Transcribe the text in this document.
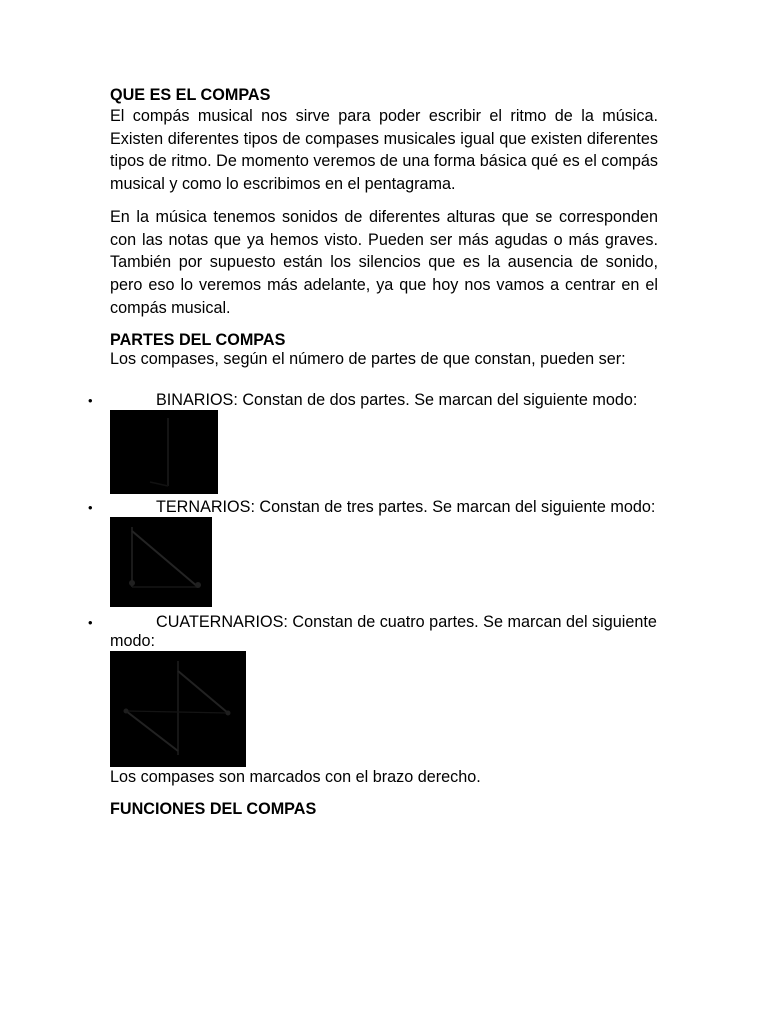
QUE ES EL COMPAS

El compás musical nos sirve para poder escribir el ritmo de la música. Existen diferentes tipos de compases musicales igual que existen diferentes tipos de ritmo. De momento veremos de una forma básica qué es el compás musical y como lo escribimos en el pentagrama.

En la música tenemos sonidos de diferentes alturas que se corresponden con las notas que ya hemos visto. Pueden ser más agudas o más graves. También por supuesto están los silencios que es la ausencia de sonido, pero eso lo veremos más adelante, ya que hoy nos vamos a centrar en el compás musical.

PARTES DEL COMPAS

Los compases, según el número de partes de que constan, pueden ser:

•	BINARIOS: Constan de dos partes. Se marcan del siguiente modo:
•	TERNARIOS: Constan de tres partes. Se marcan del siguiente modo:
•	CUATERNARIOS: Constan de cuatro partes. Se marcan del siguiente modo:

Los compases son marcados con el brazo derecho.

FUNCIONES DEL COMPAS
